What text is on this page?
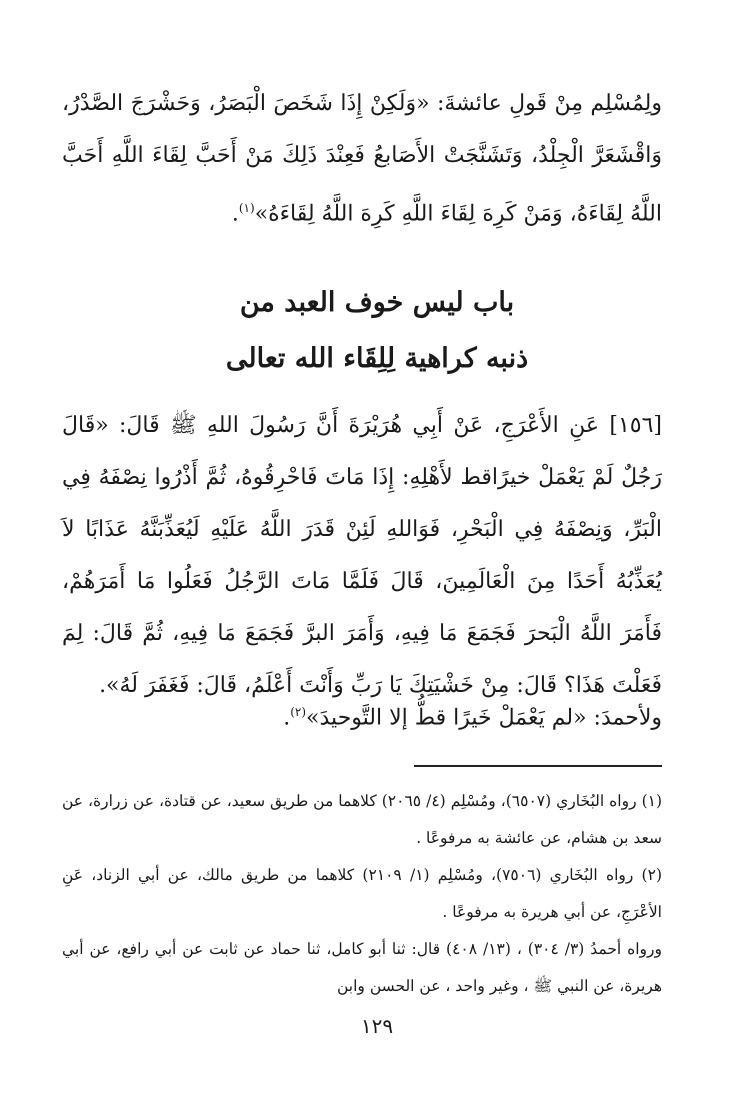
ولِمُسْلِم مِنْ قَولِ عائشةَ: «وَلَكِنْ إِذَا شَخَصَ الْبَصَرُ، وَحَشْرَجَ الصَّدْرُ، وَاقْشَعَرَّ الْجِلْدُ، وَتَشَنَّجَتْ الأَصَابعُ فَعِنْدَ ذَلِكَ مَنْ أَحَبَّ لِقَاءَ اللَّهِ أَحَبَّ اللَّهُ لِقَاءَهُ، وَمَنْ كَرِهَ لِقَاءَ اللَّهِ كَرِهَ اللَّهُ لِقَاءَهُ»$^{(١)}$.
باب ليس خوف العبد من
ذنبه كراهية لِلِقَاء الله تعالى
[١٥٦] عَنِ الأَعْرَجِ، عَنْ أَبِي هُرَيْرَةَ أَنَّ رَسُولَ اللهِ ﷺ قَالَ: «قَالَ رَجُلٌ لَمْ يَعْمَلْ خيرًاقط لأَهْلِهِ: إِذَا مَاتَ فَاحْرِقُوهُ، ثُمَّ أَذْرُوا نِصْفَهُ فِي الْبَرِّ، وَنِصْفَهُ فِي الْبَحْرِ، فَوَاللهِ لَئِنْ قَدَرَ اللَّهُ عَلَيْهِ لَيُعَذِّبَنَّهُ عَذَابًا لاَ يُعَذِّبُهُ أَحَدًا مِنَ الْعَالَمِينَ، قَالَ فَلَمَّا مَاتَ الرَّجُلُ فَعَلُوا مَا أَمَرَهُمْ، فَأَمَرَ اللَّهُ الْبَحرَ فَجَمَعَ مَا فِيهِ، وَأَمَرَ البرَّ فَجَمَعَ مَا فِيهِ، ثُمَّ قَالَ: لِمَ فَعَلْتَ هَذَا؟ قَالَ: مِنْ خَشْيَتِكَ يَا رَبِّ وَأَنْتَ أَعْلَمُ، قَالَ: فَغَفَرَ لَهُ».
ولأحمدَ: «لم يَعْمَلْ خَيرًا قطُّ إلا التَّوحيدَ»$^{(٢)}$.
(١) رواه البُخَاري (٦٥٠٧)، ومُسْلِم (٤/ ٢٠٦٥) كلاهما من طريق سعيد، عن قتادة، عن زرارة، عن سعد بن هشام، عن عائشة به مرفوعًا .
(٢) رواه البُخَاري (٧٥٠٦)، ومُسْلِم (١/ ٢١٠٩) كلاهما من طريق مالك، عن أبي الزناد، عَنِ الأعْرَجِ، عن أبي هريرة به مرفوعًا .
ورواه أحمدُ (٣/ ٣٠٤) ، (١٣/ ٤٠٨) قال: ثنا أبو كامل، ثنا حماد عن ثابت عن أبي رافع، عن أبي هريرة، عن النبي ﷺ ، وغير واحد ، عن الحسن وابن
١٢٩
